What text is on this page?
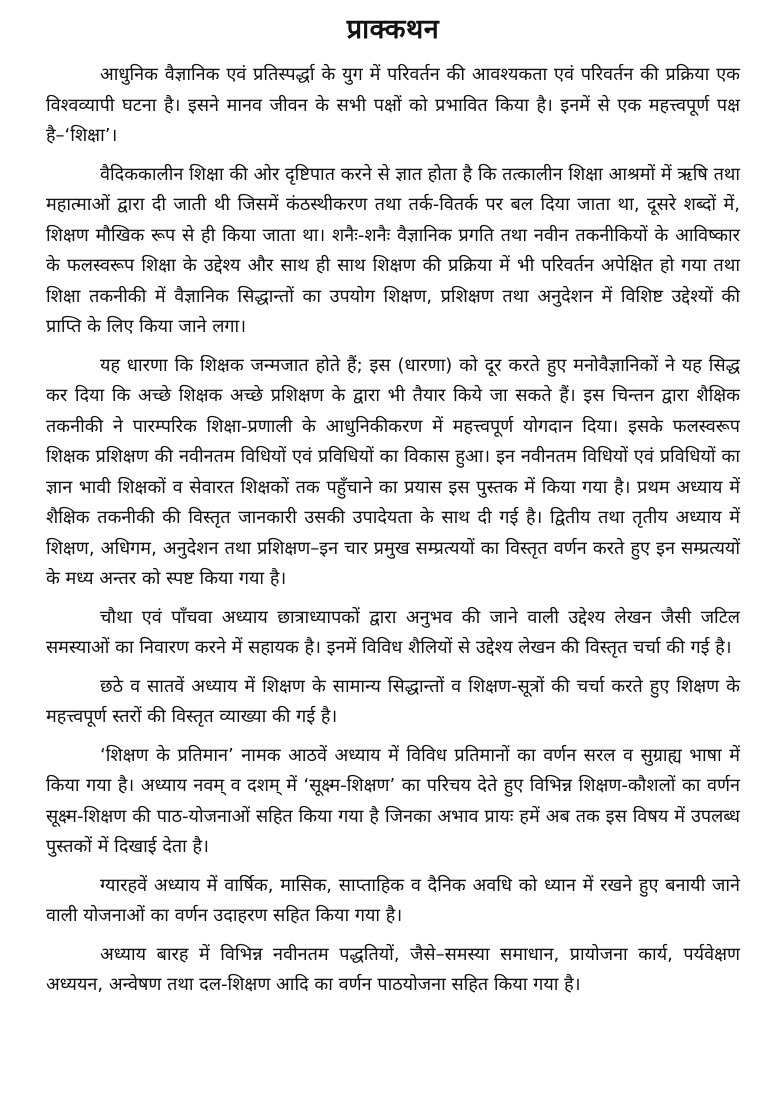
प्राक्कथन

आधुनिक वैज्ञानिक एवं प्रतिस्पर्द्धा के युग में परिवर्तन की आवश्यकता एवं परिवर्तन की प्रक्रिया एक विश्वव्यापी घटना है। इसने मानव जीवन के सभी पक्षों को प्रभावित किया है। इनमें से एक महत्त्वपूर्ण पक्ष है–‘शिक्षा’।

वैदिककालीन शिक्षा की ओर दृष्टिपात करने से ज्ञात होता है कि तत्कालीन शिक्षा आश्रमों में ऋषि तथा महात्माओं द्वारा दी जाती थी जिसमें कंठस्थीकरण तथा तर्क-वितर्क पर बल दिया जाता था, दूसरे शब्दों में, शिक्षण मौखिक रूप से ही किया जाता था। शनैः-शनैः वैज्ञानिक प्रगति तथा नवीन तकनीकियों के आविष्कार के फलस्वरूप शिक्षा के उद्देश्य और साथ ही साथ शिक्षण की प्रक्रिया में भी परिवर्तन अपेक्षित हो गया तथा शिक्षा तकनीकी में वैज्ञानिक सिद्धान्तों का उपयोग शिक्षण, प्रशिक्षण तथा अनुदेशन में विशिष्ट उद्देश्यों की प्राप्ति के लिए किया जाने लगा।

यह धारणा कि शिक्षक जन्मजात होते हैं; इस (धारणा) को दूर करते हुए मनोवैज्ञानिकों ने यह सिद्ध कर दिया कि अच्छे शिक्षक अच्छे प्रशिक्षण के द्वारा भी तैयार किये जा सकते हैं। इस चिन्तन द्वारा शैक्षिक तकनीकी ने पारम्परिक शिक्षा-प्रणाली के आधुनिकीकरण में महत्त्वपूर्ण योगदान दिया। इसके फलस्वरूप शिक्षक प्रशिक्षण की नवीनतम विधियों एवं प्रविधियों का विकास हुआ। इन नवीनतम विधियों एवं प्रविधियों का ज्ञान भावी शिक्षकों व सेवारत शिक्षकों तक पहुँचाने का प्रयास इस पुस्तक में किया गया है। प्रथम अध्याय में शैक्षिक तकनीकी की विस्तृत जानकारी उसकी उपादेयता के साथ दी गई है। द्वितीय तथा तृतीय अध्याय में शिक्षण, अधिगम, अनुदेशन तथा प्रशिक्षण–इन चार प्रमुख सम्प्रत्ययों का विस्तृत वर्णन करते हुए इन सम्प्रत्ययों के मध्य अन्तर को स्पष्ट किया गया है।

चौथा एवं पाँचवा अध्याय छात्राध्यापकों द्वारा अनुभव की जाने वाली उद्देश्य लेखन जैसी जटिल समस्याओं का निवारण करने में सहायक है। इनमें विविध शैलियों से उद्देश्य लेखन की विस्तृत चर्चा की गई है।

छठे व सातवें अध्याय में शिक्षण के सामान्य सिद्धान्तों व शिक्षण-सूत्रों की चर्चा करते हुए शिक्षण के महत्त्वपूर्ण स्तरों की विस्तृत व्याख्या की गई है।

‘शिक्षण के प्रतिमान’ नामक आठवें अध्याय में विविध प्रतिमानों का वर्णन सरल व सुग्राह्य भाषा में किया गया है। अध्याय नवम् व दशम् में ‘सूक्ष्म-शिक्षण’ का परिचय देते हुए विभिन्न शिक्षण-कौशलों का वर्णन सूक्ष्म-शिक्षण की पाठ-योजनाओं सहित किया गया है जिनका अभाव प्रायः हमें अब तक इस विषय में उपलब्ध पुस्तकों में दिखाई देता है।

ग्यारहवें अध्याय में वार्षिक, मासिक, साप्ताहिक व दैनिक अवधि को ध्यान में रखने हुए बनायी जाने वाली योजनाओं का वर्णन उदाहरण सहित किया गया है।

अध्याय बारह में विभिन्न नवीनतम पद्धतियों, जैसे–समस्या समाधान, प्रायोजना कार्य, पर्यवेक्षण अध्ययन, अन्वेषण तथा दल-शिक्षण आदि का वर्णन पाठयोजना सहित किया गया है।
